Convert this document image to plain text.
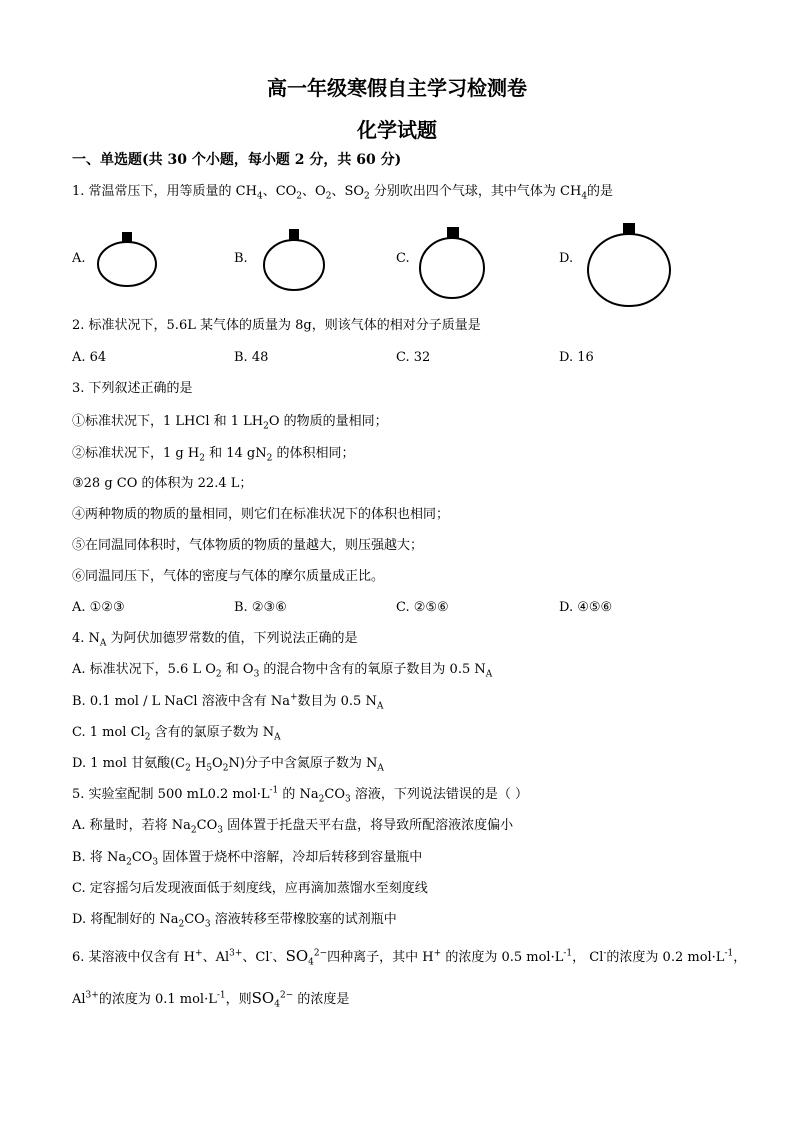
高一年级寒假自主学习检测卷
化学试题
一、单选题(共 30 个小题，每小题 2 分，共 60 分)
1. 常温常压下，用等质量的 $CH_4$、$CO_2$、$O_2$、$SO_2$ 分别吹出四个气球，其中气体为 $CH_4$的是
A.	B.	C.	D.
2. 标准状况下，5.6L 某气体的质量为 8g，则该气体的相对分子质量是
A. 64	B. 48	C. 32	D. 16
3. 下列叙述正确的是
①标准状况下，1 LHCl 和 1 $LH_2O$ 的物质的量相同；
②标准状况下，1 g $H_2$ 和 14 $gN_2$ 的体积相同；
③28 g CO 的体积为 22.4 L；
④两种物质的物质的量相同，则它们在标准状况下的体积也相同；
⑤在同温同体积时，气体物质的物质的量越大，则压强越大；
⑥同温同压下，气体的密度与气体的摩尔质量成正比。
A. ①②③	B. ②③⑥	C. ②⑤⑥	D. ④⑤⑥
4. $N_A$ 为阿伏加德罗常数的值，下列说法正确的是
A. 标准状况下，5.6 L $O_2$ 和 $O_3$ 的混合物中含有的氧原子数目为 0.5 $N_A$
B. 0.1 mol / L NaCl 溶液中含有 Na+数目为 0.5 $N_A$
C. 1 mol $Cl_2$ 含有的氯原子数为 $N_A$
D. 1 mol 甘氨酸($C_2$ $H_5O_2N$)分子中含氮原子数为 $N_A$
5. 实验室配制 500 mL0.2 $mol\cdot L^{-1}$ 的 $Na_2CO_3$ 溶液，下列说法错误的是（ ）
A. 称量时，若将 $Na_2CO_3$ 固体置于托盘天平右盘，将导致所配溶液浓度偏小
B. 将 $Na_2CO_3$ 固体置于烧杯中溶解，冷却后转移到容量瓶中
C. 定容摇匀后发现液面低于刻度线，应再滴加蒸馏水至刻度线
D. 将配制好的 $Na_2CO_3$ 溶液转移至带橡胶塞的试剂瓶中
6. 某溶液中仅含有 H+、$Al^{3+}$、Cl-、$SO_4^{2-}$四种离子，其中 H+ 的浓度为 0.5 $mol\cdot L^{-1}$， Cl-的浓度为 0.2 $mol\cdot L^{-1}$，
$Al^{3+}$的浓度为 0.1 $mol\cdot L^{-1}$，则$SO_4^{2-}$ 的浓度是
